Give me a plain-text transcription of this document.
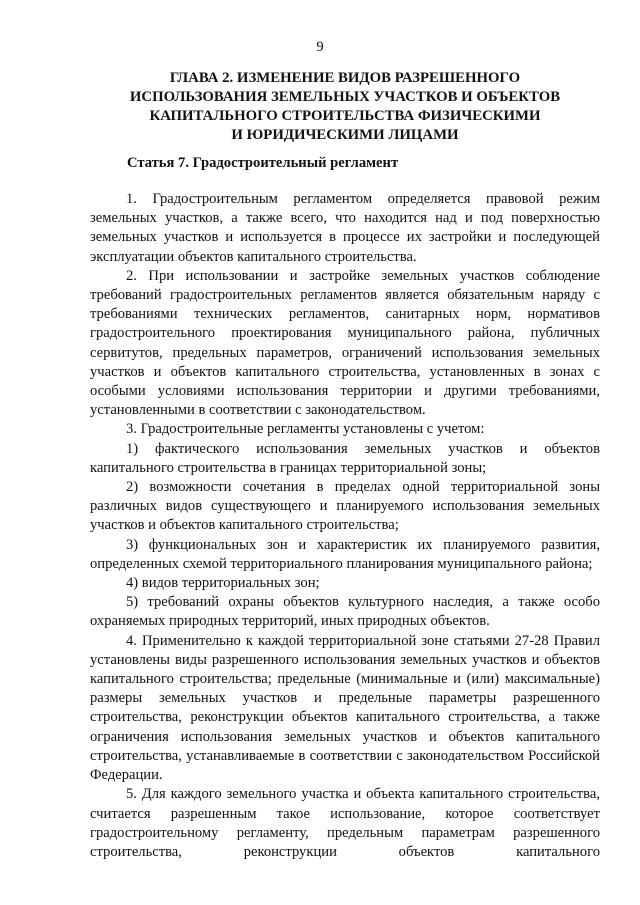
9
ГЛАВА 2. ИЗМЕНЕНИЕ ВИДОВ РАЗРЕШЕННОГО
ИСПОЛЬЗОВАНИЯ ЗЕМЕЛЬНЫХ УЧАСТКОВ И ОБЪЕКТОВ
КАПИТАЛЬНОГО СТРОИТЕЛЬСТВА ФИЗИЧЕСКИМИ
И ЮРИДИЧЕСКИМИ ЛИЦАМИ
Статья 7. Градостроительный регламент

1. Градостроительным регламентом определяется правовой режим земельных участков, а также всего, что находится над и под поверхностью земельных участков и используется в процессе их застройки и последующей эксплуатации объектов капитального строительства.

2. При использовании и застройке земельных участков соблюдение требований градостроительных регламентов является обязательным наряду с требованиями технических регламентов, санитарных норм, нормативов градостроительного проектирования муниципального района, публичных сервитутов, предельных параметров, ограничений использования земельных участков и объектов капитального строительства, установленных в зонах с особыми условиями использования территории и другими требованиями, установленными в соответствии с законодательством.

3. Градостроительные регламенты установлены с учетом:

1) фактического использования земельных участков и объектов капитального строительства в границах территориальной зоны;

2) возможности сочетания в пределах одной территориальной зоны различных видов существующего и планируемого использования земельных участков и объектов капитального строительства;

3) функциональных зон и характеристик их планируемого развития, определенных схемой территориального планирования муниципального района;

4) видов территориальных зон;

5) требований охраны объектов культурного наследия, а также особо охраняемых природных территорий, иных природных объектов.

4. Применительно к каждой территориальной зоне статьями 27-28 Правил установлены виды разрешенного использования земельных участков и объектов капитального строительства; предельные (минимальные и (или) максимальные) размеры земельных участков и предельные параметры разрешенного строительства, реконструкции объектов капитального строительства, а также ограничения использования земельных участков и объектов капитального строительства, устанавливаемые в соответствии с законодательством Российской Федерации.

5. Для каждого земельного участка и объекта капитального строительства, считается разрешенным такое использование, которое соответствует градостроительному регламенту, предельным параметрам разрешенного строительства, реконструкции объектов капитального
